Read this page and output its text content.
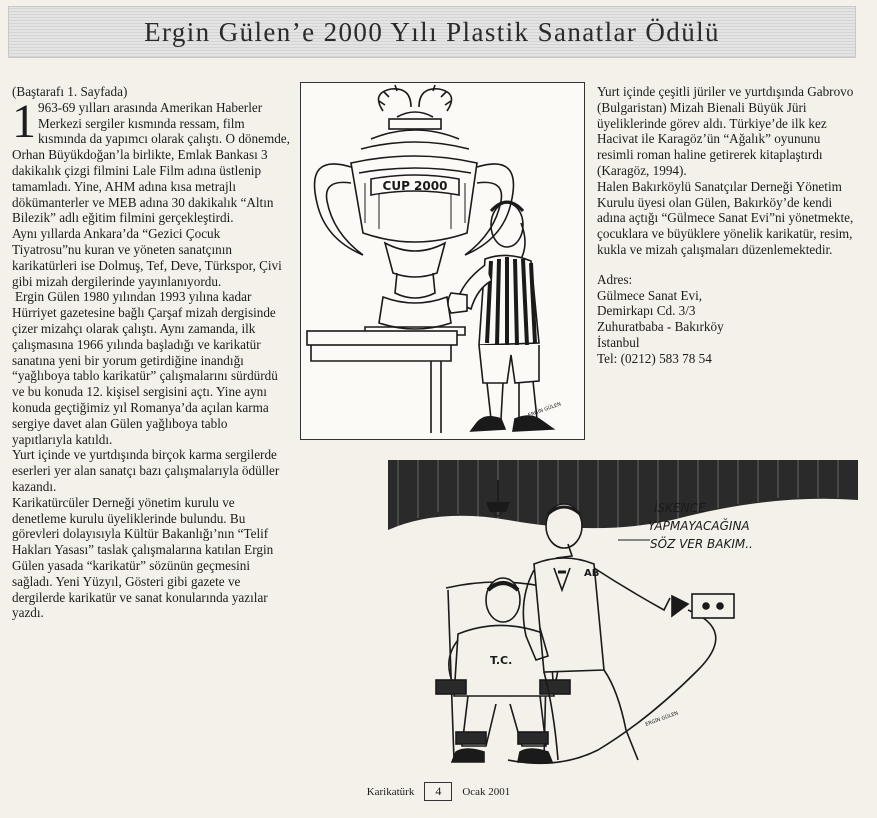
Ergin Gülen’e 2000 Yılı Plastik Sanatlar Ödülü

(Baştarafı 1. Sayfada)

1 963-69 yılları arasında Amerikan Haberler Merkezi sergiler kısmında ressam, film kısmında da yapımcı olarak çalıştı. O dönemde, Orhan Büyükdoğan’la birlikte, Emlak Bankası 3 dakikalık çizgi filmini Lale Film adına üstlenip tamamladı. Yine, AHM adına kısa metrajlı dökümanterler ve MEB adına 30 dakikalık “Altın Bilezik” adlı eğitim filmini gerçekleştirdi.

Aynı yıllarda Ankara’da “Gezici Çocuk Tiyatrosu”nu kuran ve yöneten sanatçının karikatürleri ise Dolmuş, Tef, Deve, Türkspor, Çivi gibi mizah dergilerinde yayınlanıyordu.

Ergin Gülen 1980 yılından 1993 yılına kadar Hürriyet gazetesine bağlı Çarşaf mizah dergisinde çizer mizahçı olarak çalıştı. Aynı zamanda, ilk çalışmasına 1966 yılında başladığı ve karikatür sanatına yeni bir yorum getirdiğine inandığı “yağlıboya tablo karikatür” çalışmalarını sürdürdü ve bu konuda 12. kişisel sergisini açtı. Yine aynı konuda geçtiğimiz yıl Romanya’da açılan karma sergiye davet alan Gülen yağlıboya tablo yapıtlarıyla katıldı.

Yurt içinde ve yurtdışında birçok karma sergilerde eserleri yer alan sanatçı bazı çalışmalarıyla ödüller kazandı.

Karikatürcüler Derneği yönetim kurulu ve denetleme kurulu üyeliklerinde bulundu. Bu görevleri dolayısıyla Kültür Bakanlığı’nın “Telif Hakları Yasası” taslak çalışmalarına katılan Ergin Gülen yasada “karikatür” sözünün geçmesini sağladı. Yeni Yüzyıl, Gösteri gibi gazete ve dergilerde karikatür ve sanat konularında yazılar yazdı.

CUP 2000
ERGİN GÜLEN

Yurt içinde çeşitli jüriler ve yurtdışında Gabrovo (Bulgaristan) Mizah Bienali Büyük Jüri üyeliklerinde görev aldı. Türkiye’de ilk kez Hacivat ile Karagöz’ün “Ağalık” oyununu resimli roman haline getirerek kitaplaştırdı (Karagöz, 1994).

Halen Bakırköylü Sanatçılar Derneği Yönetim Kurulu üyesi olan Gülen, Bakırköy’de kendi adına açtığı “Gülmece Sanat Evi”ni yönetmekte, çocuklara ve büyüklere yönelik karikatür, resim, kukla ve mizah çalışmaları düzenlemektedir.

Adres:
Gülmece Sanat Evi,
Demirkapı Cd. 3/3
Zuhuratbaba - Bakırköy
İstanbul
Tel: (0212) 583 78 54

İŞKENCE
YAPMAYACAĞINA
SÖZ VER BAKIM..
AB
T.C.
ERGİN GÜLEN
Karikatürk	4	Ocak 2001
